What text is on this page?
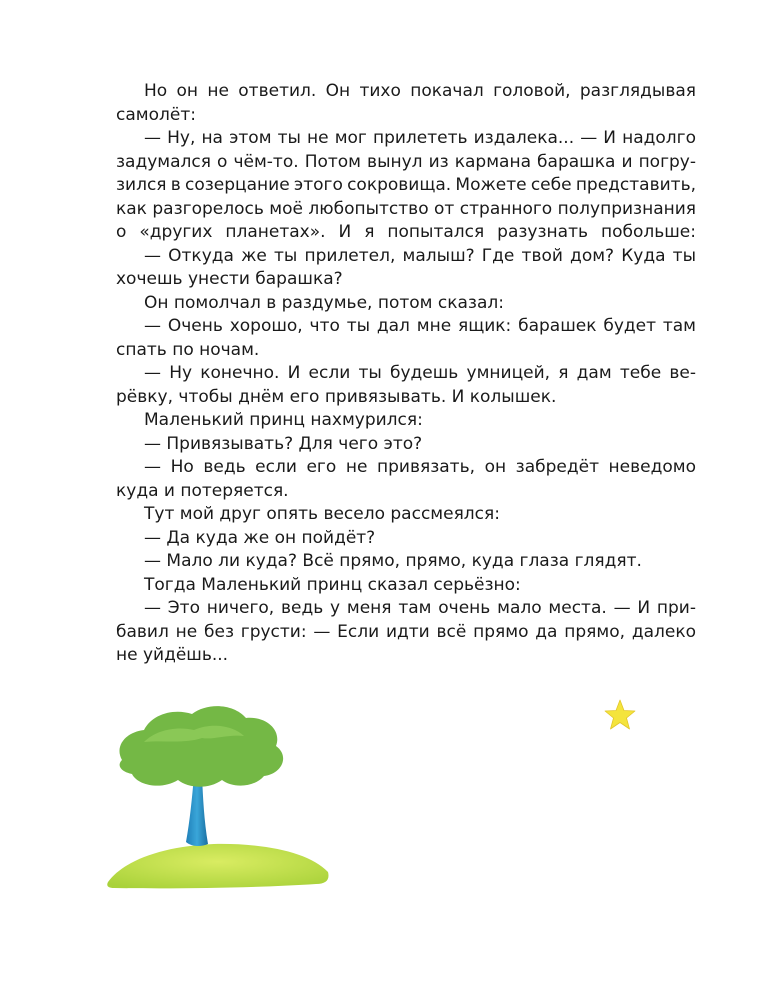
Но он не ответил. Он тихо покачал головой, разглядывая
самолёт:
— Ну, на этом ты не мог прилететь издалека... — И надолго
задумался о чём-то. Потом вынул из кармана барашка и погру-
зился в созерцание этого сокровища. Можете себе представить,
как разгорелось моё любопытство от странного полупризнания
о «других планетах». И я попытался разузнать побольше:
— Откуда же ты прилетел, малыш? Где твой дом? Куда ты
хочешь унести барашка?
Он помолчал в раздумье, потом сказал:
— Очень хорошо, что ты дал мне ящик: барашек будет там
спать по ночам.
— Ну конечно. И если ты будешь умницей, я дам тебе ве-
рёвку, чтобы днём его привязывать. И колышек.
Маленький принц нахмурился:
— Привязывать? Для чего это?
— Но ведь если его не привязать, он забредёт неведомо
куда и потеряется.
Тут мой друг опять весело рассмеялся:
— Да куда же он пойдёт?
— Мало ли куда? Всё прямо, прямо, куда глаза глядят.
Тогда Маленький принц сказал серьёзно:
— Это ничего, ведь у меня там очень мало места. — И при-
бавил не без грусти: — Если идти всё прямо да прямо, далеко
не уйдёшь...
